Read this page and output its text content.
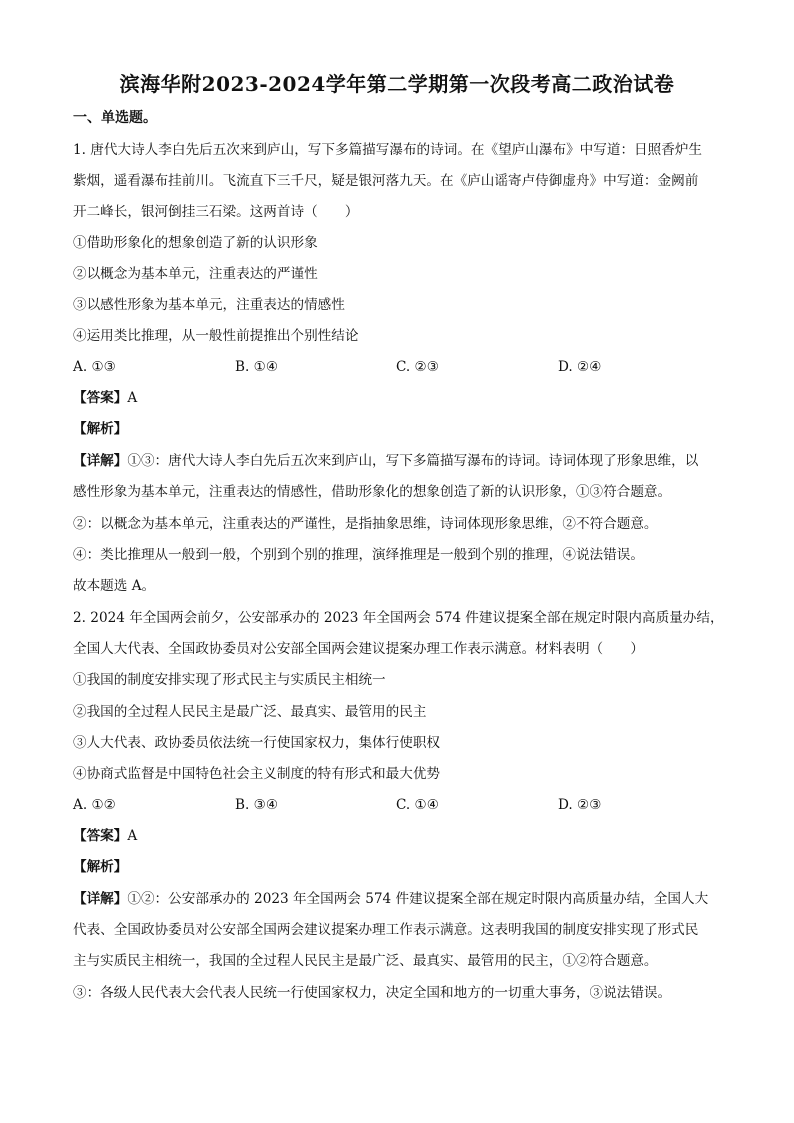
滨海华附2023-2024学年第二学期第一次段考高二政治试卷
一、单选题。
1. 唐代大诗人李白先后五次来到庐山，写下多篇描写瀑布的诗词。在《望庐山瀑布》中写道：日照香炉生
紫烟，遥看瀑布挂前川。飞流直下三千尺，疑是银河落九天。在《庐山谣寄卢侍御虚舟》中写道：金阙前
开二峰长，银河倒挂三石梁。这两首诗（　　）
①借助形象化的想象创造了新的认识形象
②以概念为基本单元，注重表达的严谨性
③以感性形象为基本单元，注重表达的情感性
④运用类比推理，从一般性前提推出个别性结论
A. ①③	B. ①④	C. ②③	D. ②④
【答案】A
【解析】
【详解】①③：唐代大诗人李白先后五次来到庐山，写下多篇描写瀑布的诗词。诗词体现了形象思维，以
感性形象为基本单元，注重表达的情感性，借助形象化的想象创造了新的认识形象，①③符合题意。
②：以概念为基本单元，注重表达的严谨性，是指抽象思维，诗词体现形象思维，②不符合题意。
④：类比推理从一般到一般，个别到个别的推理，演绎推理是一般到个别的推理，④说法错误。
故本题选 A。
2. 2024 年全国两会前夕，公安部承办的 2023 年全国两会 574 件建议提案全部在规定时限内高质量办结，
全国人大代表、全国政协委员对公安部全国两会建议提案办理工作表示满意。材料表明（　　）
①我国的制度安排实现了形式民主与实质民主相统一
②我国的全过程人民民主是最广泛、最真实、最管用的民主
③人大代表、政协委员依法统一行使国家权力，集体行使职权
④协商式监督是中国特色社会主义制度的特有形式和最大优势
A. ①②	B. ③④	C. ①④	D. ②③
【答案】A
【解析】
【详解】①②：公安部承办的 2023 年全国两会 574 件建议提案全部在规定时限内高质量办结，全国人大
代表、全国政协委员对公安部全国两会建议提案办理工作表示满意。这表明我国的制度安排实现了形式民
主与实质民主相统一，我国的全过程人民民主是最广泛、最真实、最管用的民主，①②符合题意。
③：各级人民代表大会代表人民统一行使国家权力，决定全国和地方的一切重大事务，③说法错误。
